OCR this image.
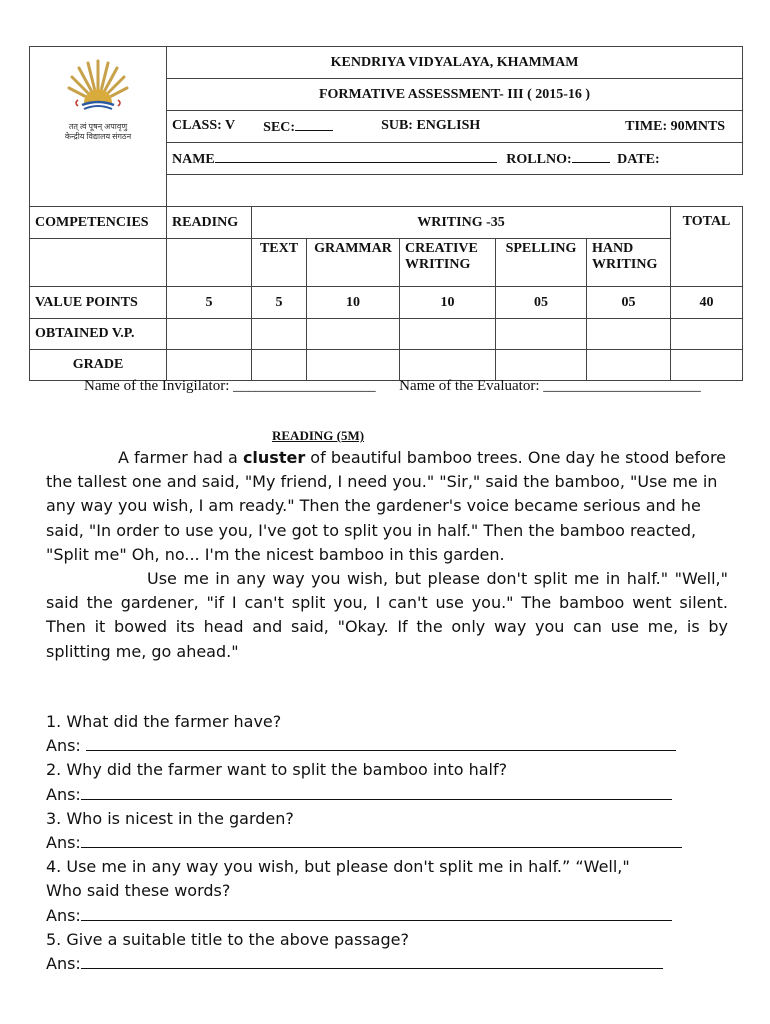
तत् त्वं पूषन् अपावृणु
केन्द्रीय विद्यालय संगठन	KENDRIYA VIDYALAYA, KHAMMAM						
	FORMATIVE ASSESSMENT- III ( 2015-16 )						

	CLASS: V SEC: SUB: ENGLISH TIME: 90MNTS						

	NAME ROLLNO: DATE:						

COMPETENCIES	READING	WRITING -35					TOTAL
		TEXT	GRAMMAR	CREATIVE WRITING	SPELLING	HAND WRITING	
VALUE POINTS	5	5	10	10	05	05	40
OBTAINED V.P.							
GRADE							
Name of the Invigilator: ___________________ Name of the Evaluator: _____________________
READING (5M)

A farmer had a cluster of beautiful bamboo trees. One day he stood before the tallest one and said, "My friend, I need you." "Sir," said the bamboo, "Use me in any way you wish, I am ready." Then the gardener's voice became serious and he said, "In order to use you, I've got to split you in half." Then the bamboo reacted, "Split me" Oh, no... I'm the nicest bamboo in this garden.

Use me in any way you wish, but please don't split me in half." "Well," said the gardener, "if I can't split you, I can't use you." The bamboo went silent. Then it bowed its head and said, "Okay. If the only way you can use me, is by splitting me, go ahead."

1. What did the farmer have?
Ans:
2. Why did the farmer want to split the bamboo into half?
Ans:
3. Who is nicest in the garden?
Ans:
4. Use me in any way you wish, but please don't split me in half.” “Well,"
Who said these words?
Ans:
5. Give a suitable title to the above passage?
Ans:
